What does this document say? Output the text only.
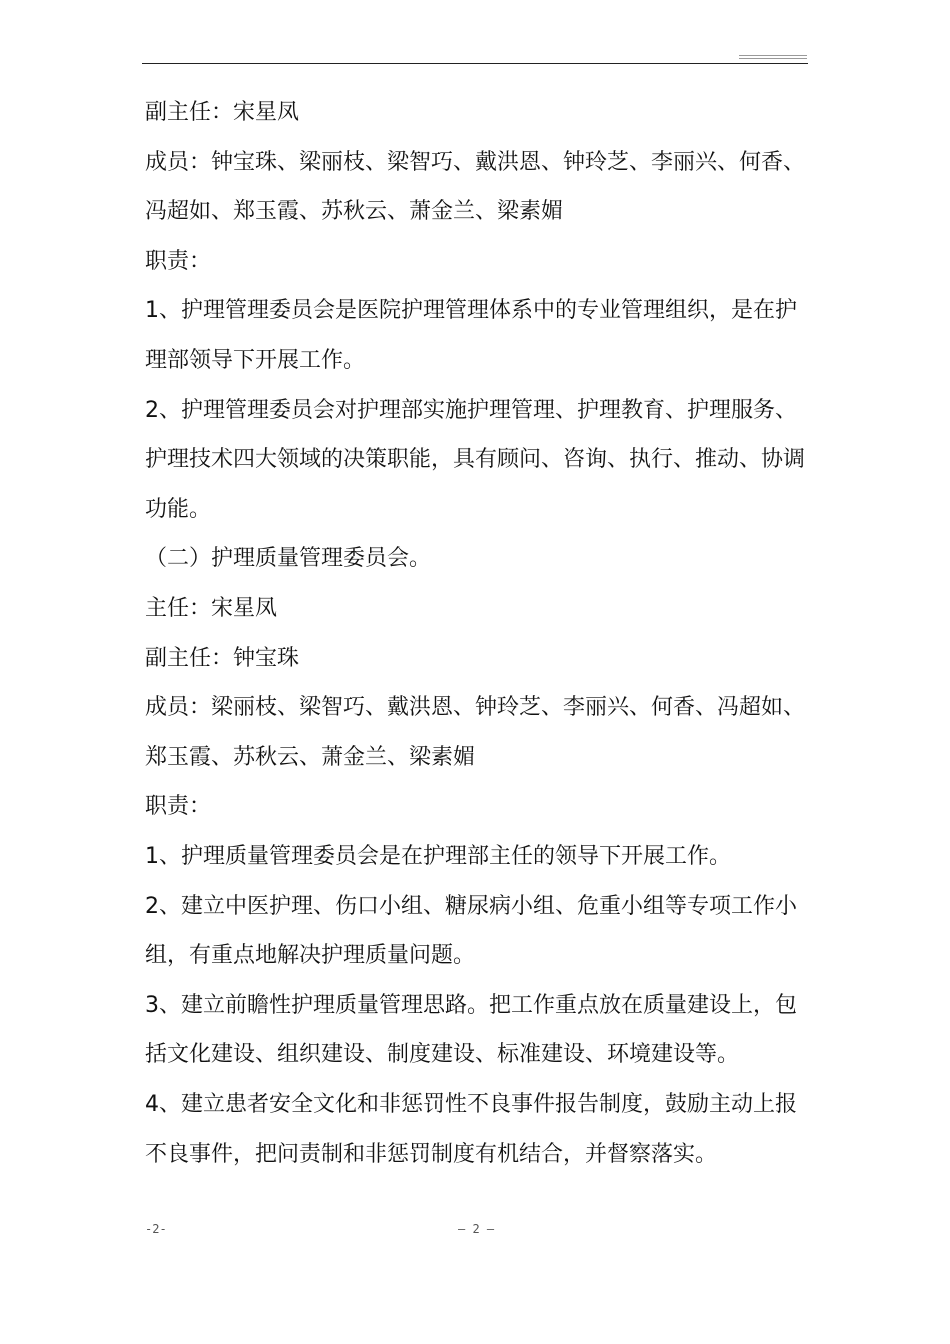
副主任：宋星凤
成员：钟宝珠、梁丽枝、梁智巧、戴洪恩、钟玲芝、李丽兴、何香、
冯超如、郑玉霞、苏秋云、萧金兰、梁素媚
职责：
1、护理管理委员会是医院护理管理体系中的专业管理组织，是在护
理部领导下开展工作。
2、护理管理委员会对护理部实施护理管理、护理教育、护理服务、
护理技术四大领域的决策职能，具有顾问、咨询、执行、推动、协调
功能。
（二）护理质量管理委员会。
主任：宋星凤
副主任：钟宝珠
成员：梁丽枝、梁智巧、戴洪恩、钟玲芝、李丽兴、何香、冯超如、
郑玉霞、苏秋云、萧金兰、梁素媚
职责：
1、护理质量管理委员会是在护理部主任的领导下开展工作。
2、建立中医护理、伤口小组、糖尿病小组、危重小组等专项工作小
组，有重点地解决护理质量问题。
3、建立前瞻性护理质量管理思路。把工作重点放在质量建设上，包
括文化建设、组织建设、制度建设、标准建设、环境建设等。
4、建立患者安全文化和非惩罚性不良事件报告制度，鼓励主动上报
不良事件，把问责制和非惩罚制度有机结合，并督察落实。
-2-	– 2 –
